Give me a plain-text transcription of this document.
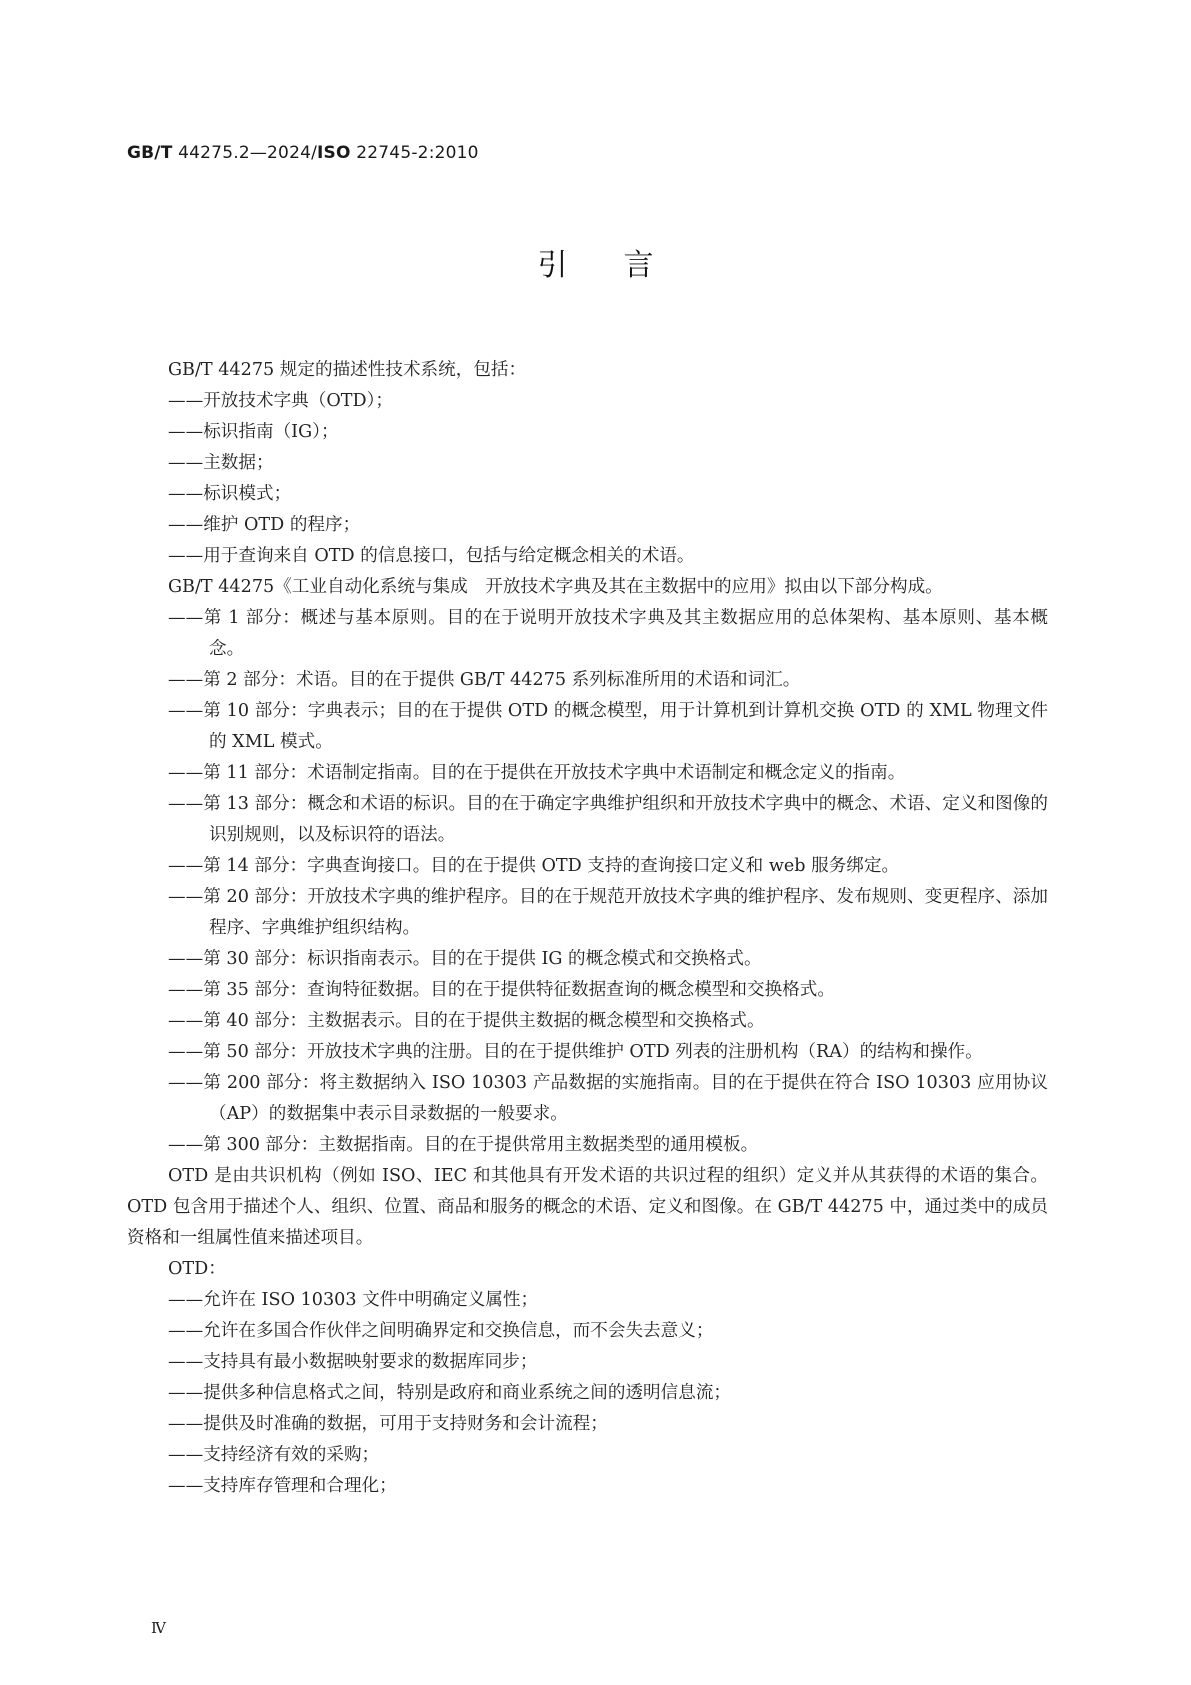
GB/T 44275.2—2024/ISO 22745-2:2010
引言

GB/T 44275 规定的描述性技术系统，包括：

——开放技术字典（OTD）；

——标识指南（IG）；

——主数据；

——标识模式；

——维护 OTD 的程序；

——用于查询来自 OTD 的信息接口，包括与给定概念相关的术语。

GB/T 44275《工业自动化系统与集成　开放技术字典及其在主数据中的应用》拟由以下部分构成。

——第 1 部分：概述与基本原则。目的在于说明开放技术字典及其主数据应用的总体架构、基本原则、基本概念。

——第 2 部分：术语。目的在于提供 GB/T 44275 系列标准所用的术语和词汇。

——第 10 部分：字典表示；目的在于提供 OTD 的概念模型，用于计算机到计算机交换 OTD 的 XML 物理文件的 XML 模式。

——第 11 部分：术语制定指南。目的在于提供在开放技术字典中术语制定和概念定义的指南。

——第 13 部分：概念和术语的标识。目的在于确定字典维护组织和开放技术字典中的概念、术语、定义和图像的识别规则，以及标识符的语法。

——第 14 部分：字典查询接口。目的在于提供 OTD 支持的查询接口定义和 web 服务绑定。

——第 20 部分：开放技术字典的维护程序。目的在于规范开放技术字典的维护程序、发布规则、变更程序、添加程序、字典维护组织结构。

——第 30 部分：标识指南表示。目的在于提供 IG 的概念模式和交换格式。

——第 35 部分：查询特征数据。目的在于提供特征数据查询的概念模型和交换格式。

——第 40 部分：主数据表示。目的在于提供主数据的概念模型和交换格式。

——第 50 部分：开放技术字典的注册。目的在于提供维护 OTD 列表的注册机构（RA）的结构和操作。

——第 200 部分：将主数据纳入 ISO 10303 产品数据的实施指南。目的在于提供在符合 ISO 10303 应用协议（AP）的数据集中表示目录数据的一般要求。

——第 300 部分：主数据指南。目的在于提供常用主数据类型的通用模板。

OTD 是由共识机构（例如 ISO、IEC 和其他具有开发术语的共识过程的组织）定义并从其获得的术语的集合。OTD 包含用于描述个人、组织、位置、商品和服务的概念的术语、定义和图像。在 GB/T 44275 中，通过类中的成员资格和一组属性值来描述项目。

OTD：

——允许在 ISO 10303 文件中明确定义属性；

——允许在多国合作伙伴之间明确界定和交换信息，而不会失去意义；

——支持具有最小数据映射要求的数据库同步；

——提供多种信息格式之间，特别是政府和商业系统之间的透明信息流；

——提供及时准确的数据，可用于支持财务和会计流程；

——支持经济有效的采购；

——支持库存管理和合理化；

Ⅳ
